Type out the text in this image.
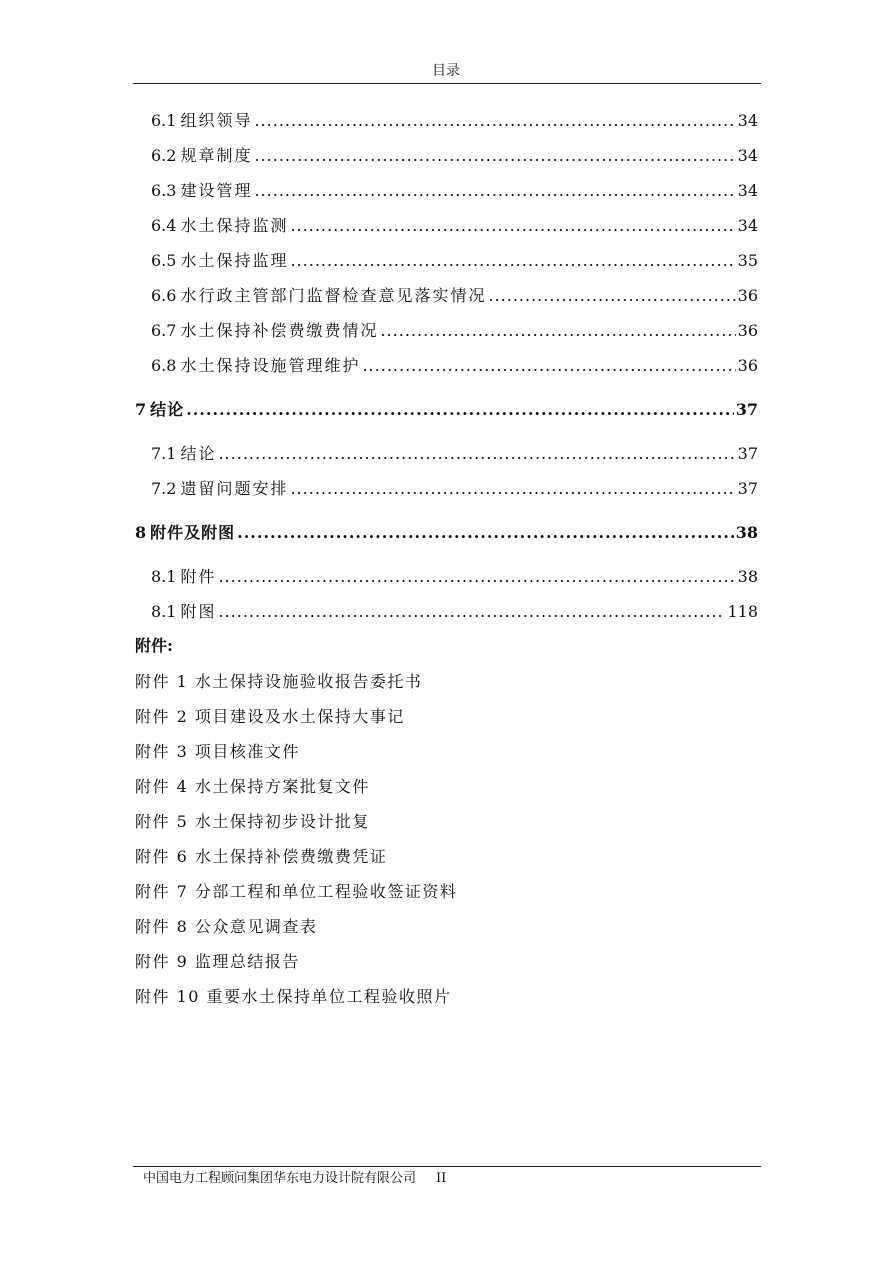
目录
6.1 组织领导 .....	34
6.2 规章制度 .....	34
6.3 建设管理 .....	34
6.4 水土保持监测 .....	34
6.5 水土保持监理 .....	35
6.6 水行政主管部门监督检查意见落实情况 .....	36
6.7 水土保持补偿费缴费情况 .....	36
6.8 水土保持设施管理维护 .....	36
7 结论 .....	37
7.1 结论 .....	37
7.2 遗留问题安排 .....	37
8 附件及附图 .....	38
8.1 附件 .....	38
8.1 附图 .....	118
附件:
附件 1 水土保持设施验收报告委托书
附件 2 项目建设及水土保持大事记
附件 3 项目核准文件
附件 4 水土保持方案批复文件
附件 5 水土保持初步设计批复
附件 6 水土保持补偿费缴费凭证
附件 7 分部工程和单位工程验收签证资料
附件 8 公众意见调查表
附件 9 监理总结报告
附件 10 重要水土保持单位工程验收照片
中国电力工程顾问集团华东电力设计院有限公司 II
